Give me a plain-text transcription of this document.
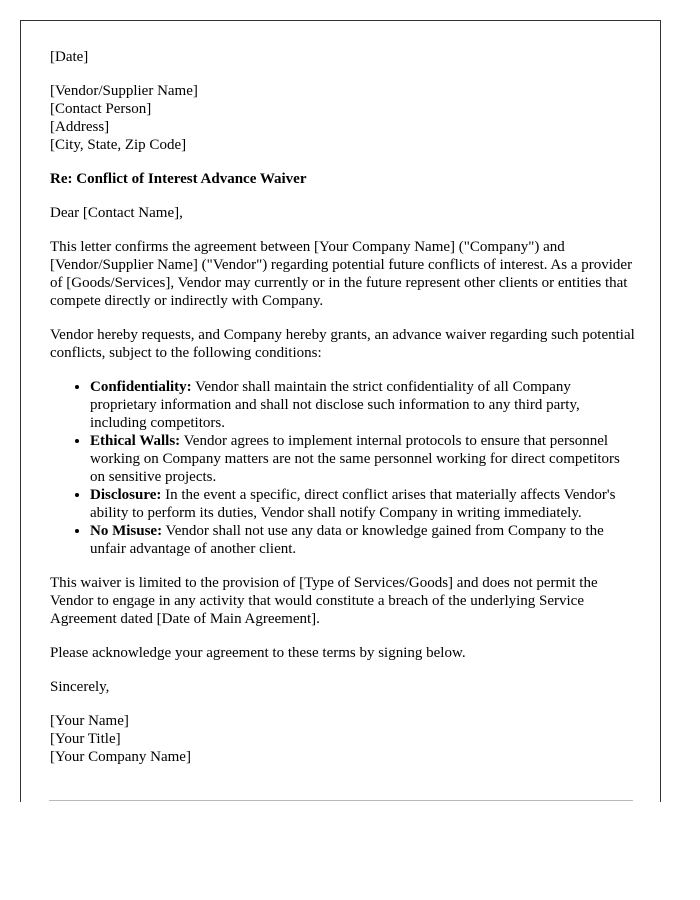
[Date]
[Vendor/Supplier Name]
[Contact Person]
[Address]
[City, State, Zip Code]

Re: Conflict of Interest Advance Waiver

Dear [Contact Name],

This letter confirms the agreement between [Your Company Name] ("Company") and [Vendor/Supplier Name] ("Vendor") regarding potential future conflicts of interest. As a provider of [Goods/Services], Vendor may currently or in the future represent other clients or entities that compete directly or indirectly with Company.

Vendor hereby requests, and Company hereby grants, an advance waiver regarding such potential conflicts, subject to the following conditions:

• Confidentiality: Vendor shall maintain the strict confidentiality of all Company proprietary information and shall not disclose such information to any third party, including competitors.
• Ethical Walls: Vendor agrees to implement internal protocols to ensure that personnel working on Company matters are not the same personnel working for direct competitors on sensitive projects.
• Disclosure: In the event a specific, direct conflict arises that materially affects Vendor's ability to perform its duties, Vendor shall notify Company in writing immediately.
• No Misuse: Vendor shall not use any data or knowledge gained from Company to the unfair advantage of another client.

This waiver is limited to the provision of [Type of Services/Goods] and does not permit the Vendor to engage in any activity that would constitute a breach of the underlying Service Agreement dated [Date of Main Agreement].

Please acknowledge your agreement to these terms by signing below.

Sincerely,

[Your Name]
[Your Title]
[Your Company Name]
